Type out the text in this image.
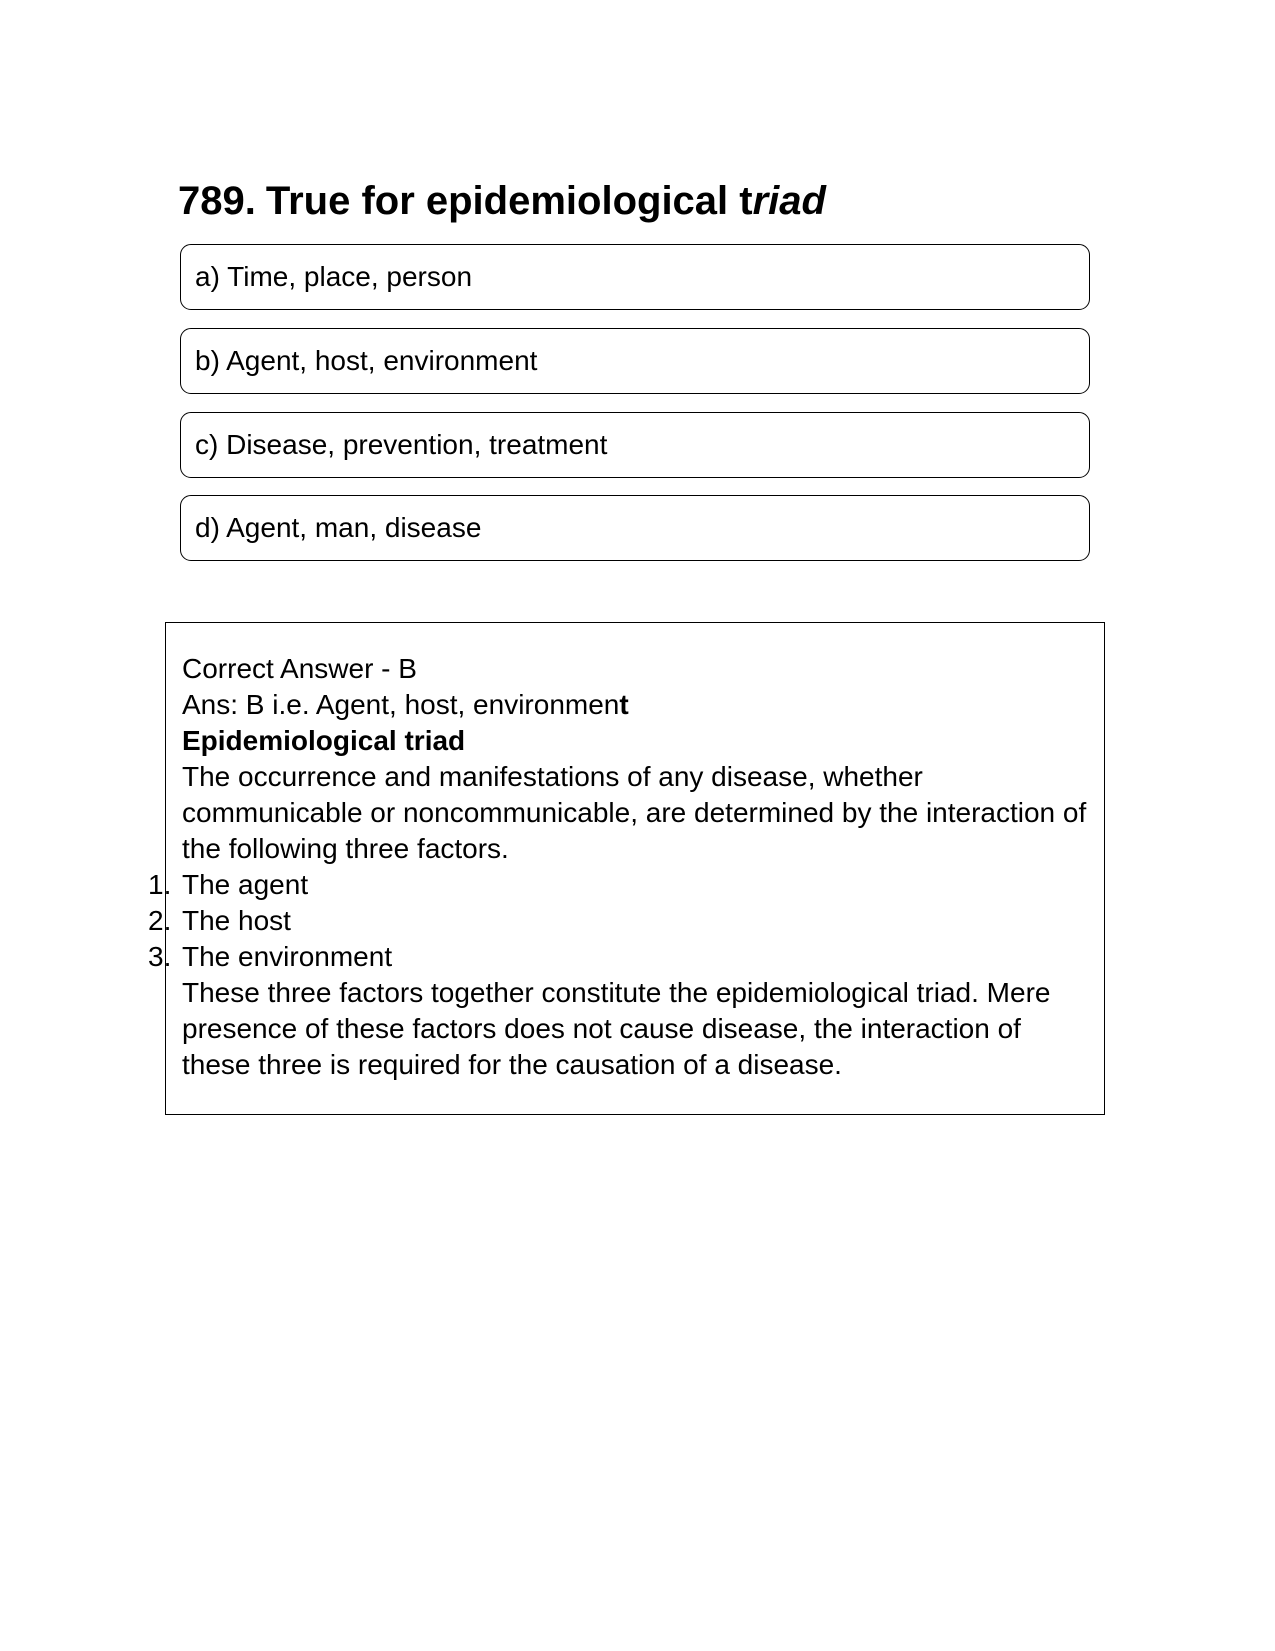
789. True for epidemiological triad
a) Time, place, person
b) Agent, host, environment
c) Disease, prevention, treatment
d) Agent, man, disease
Correct Answer - B
Ans: B i.e. Agent, host, environment
Epidemiological triad
The occurrence and manifestations of any disease, whether communicable or noncommunicable, are determined by the interaction of the following three factors.
1. The agent
2. The host
3. The environment
These three factors together constitute the epidemiological triad. Mere presence of these factors does not cause disease, the interaction of these three is required for the causation of a disease.
